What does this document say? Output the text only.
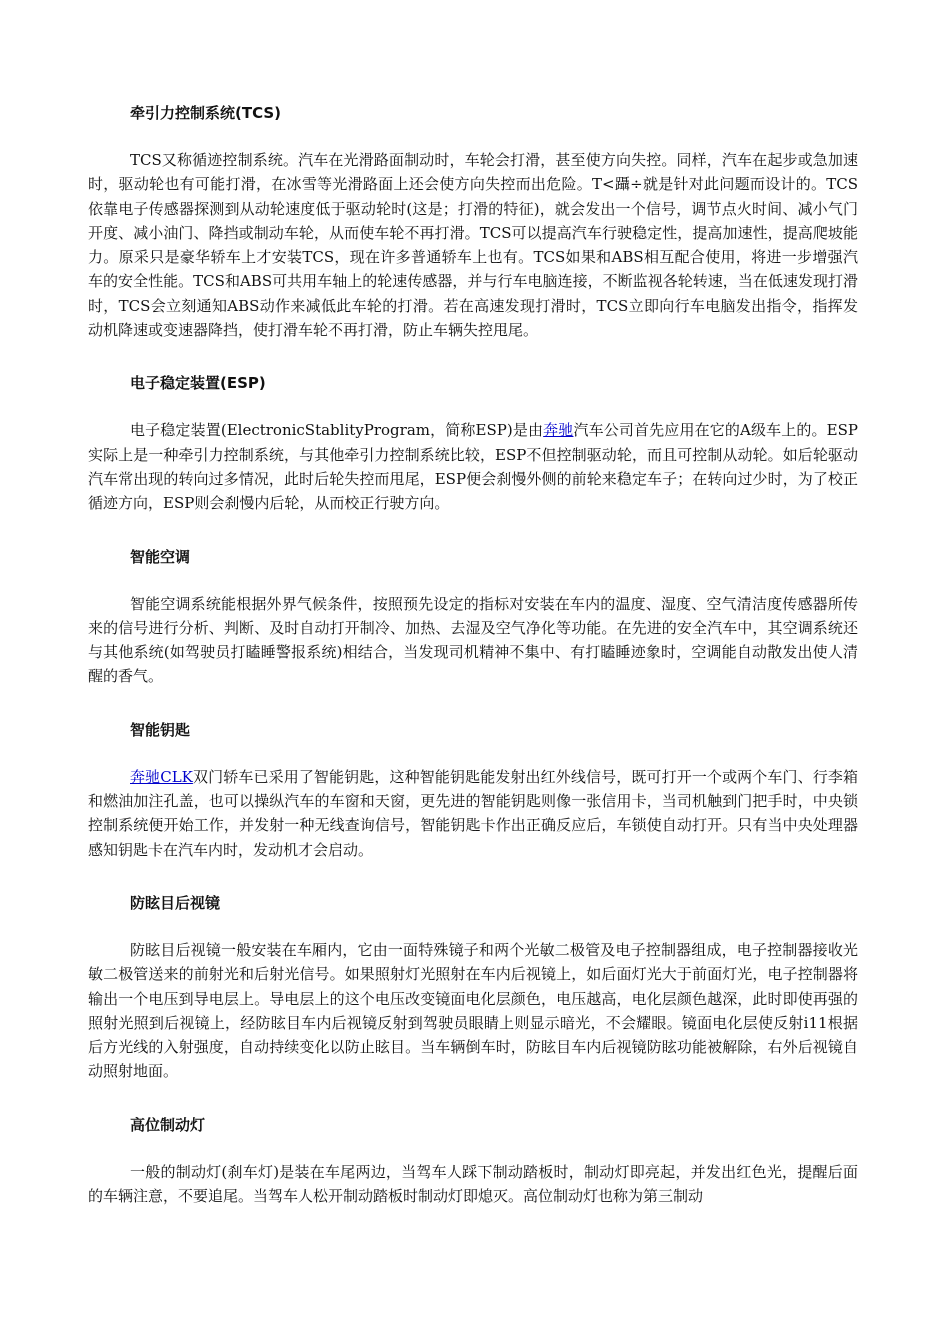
牵引力控制系统(TCS)

TCS又称循迹控制系统。汽车在光滑路面制动时，车轮会打滑，甚至使方向失控。同样，汽车在起步或急加速时，驱动轮也有可能打滑，在冰雪等光滑路面上还会使方向失控而出危险。T<躡÷就是针对此问题而设计的。TCS依靠电子传感器探测到从动轮速度低于驱动轮时(这是；打滑的特征)，就会发出一个信号，调节点火时间、减小气门开度、减小油门、降挡或制动车轮，从而使车轮不再打滑。TCS可以提高汽车行驶稳定性，提高加速性，提高爬坡能力。原采只是豪华轿车上才安装TCS，现在许多普通轿车上也有。TCS如果和ABS相互配合使用，将进一步增强汽车的安全性能。TCS和ABS可共用车轴上的轮速传感器，并与行车电脑连接，不断监视各轮转速，当在低速发现打滑时，TCS会立刻通知ABS动作来减低此车轮的打滑。若在高速发现打滑时，TCS立即向行车电脑发出指令，指挥发动机降速或变速器降挡，使打滑车轮不再打滑，防止车辆失控甩尾。

电子稳定装置(ESP)

电子稳定装置(ElectronicStablityProgram，简称ESP)是由奔驰汽车公司首先应用在它的A级车上的。ESP实际上是一种牵引力控制系统，与其他牵引力控制系统比较，ESP不但控制驱动轮，而且可控制从动轮。如后轮驱动汽车常出现的转向过多情况，此时后轮失控而甩尾，ESP便会刹慢外侧的前轮来稳定车子；在转向过少时，为了校正循迹方向，ESP则会刹慢内后轮，从而校正行驶方向。

智能空调

智能空调系统能根据外界气候条件，按照预先设定的指标对安装在车内的温度、湿度、空气清洁度传感器所传来的信号进行分析、判断、及时自动打开制冷、加热、去湿及空气净化等功能。在先进的安全汽车中，其空调系统还与其他系统(如驾驶员打瞌睡警报系统)相结合，当发现司机精神不集中、有打瞌睡迹象时，空调能自动散发出使人清醒的香气。

智能钥匙

奔驰CLK双门轿车已采用了智能钥匙，这种智能钥匙能发射出红外线信号，既可打开一个或两个车门、行李箱和燃油加注孔盖，也可以操纵汽车的车窗和天窗，更先进的智能钥匙则像一张信用卡，当司机触到门把手时，中央锁控制系统便开始工作，并发射一种无线查询信号，智能钥匙卡作出正确反应后，车锁使自动打开。只有当中央处理器感知钥匙卡在汽车内时，发动机才会启动。

防眩目后视镜

防眩目后视镜一般安装在车厢内，它由一面特殊镜子和两个光敏二极管及电子控制器组成，电子控制器接收光敏二极管送来的前射光和后射光信号。如果照射灯光照射在车内后视镜上，如后面灯光大于前面灯光，电子控制器将输出一个电压到导电层上。导电层上的这个电压改变镜面电化层颜色，电压越高，电化层颜色越深，此时即使再强的照射光照到后视镜上，经防眩目车内后视镜反射到驾驶员眼睛上则显示暗光，不会耀眼。镜面电化层使反射i11根据后方光线的入射强度，自动持续变化以防止眩目。当车辆倒车时，防眩目车内后视镜防眩功能被解除，右外后视镜自动照射地面。

高位制动灯

一般的制动灯(刹车灯)是装在车尾两边，当驾车人踩下制动踏板时，制动灯即亮起，并发出红色光，提醒后面的车辆注意，不要追尾。当驾车人松开制动踏板时制动灯即熄灭。高位制动灯也称为第三制动
